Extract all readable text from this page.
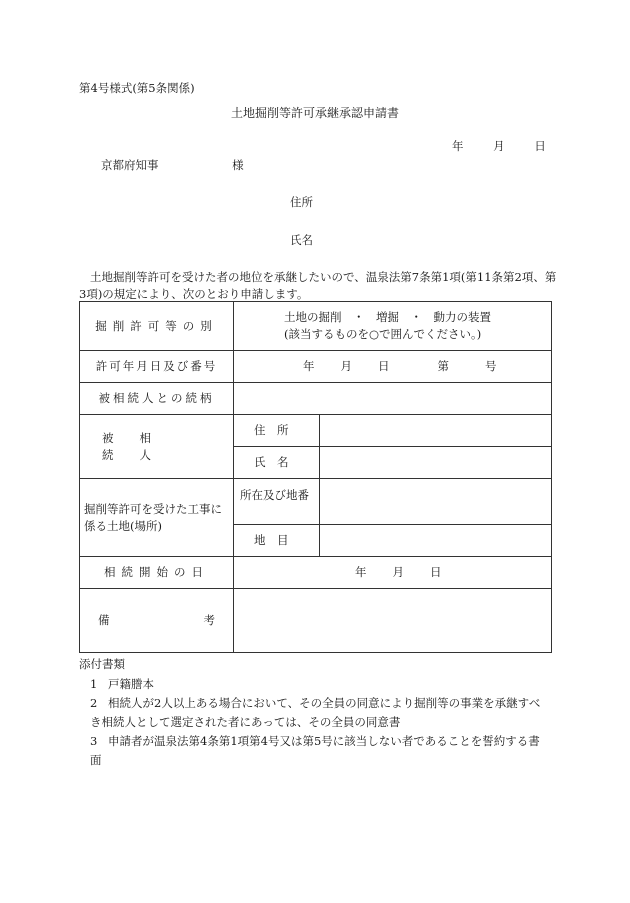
第4号様式(第5条関係)
土地掘削等許可承継承認申請書
年	月	日
京都府知事	様
住所
氏名
土地掘削等許可を受けた者の地位を承継したいので、温泉法第7条第1項(第11条第2項、第3項)の規定により、次のとおり申請します。
掘削許可等の別	土地の掘削　・　増掘　・　動力の装置
(該当するものを○で囲んでください。)	

許可年月日及び番号	年 月 日 第 号	

被相続人との続柄		

被相続人	住　所	
	氏　名	
掘削等許可を受けた工事に係る土地(場所)	所在及び地番	
	地　目	
相続開始の日	年 月 日	

備 考		

添付書類
1 戸籍謄本
2 相続人が2人以上ある場合において、その全員の同意により掘削等の事業を承継すべき相続人として選定された者にあっては、その全員の同意書
3 申請者が温泉法第4条第1項第4号又は第5号に該当しない者であることを誓約する書面
